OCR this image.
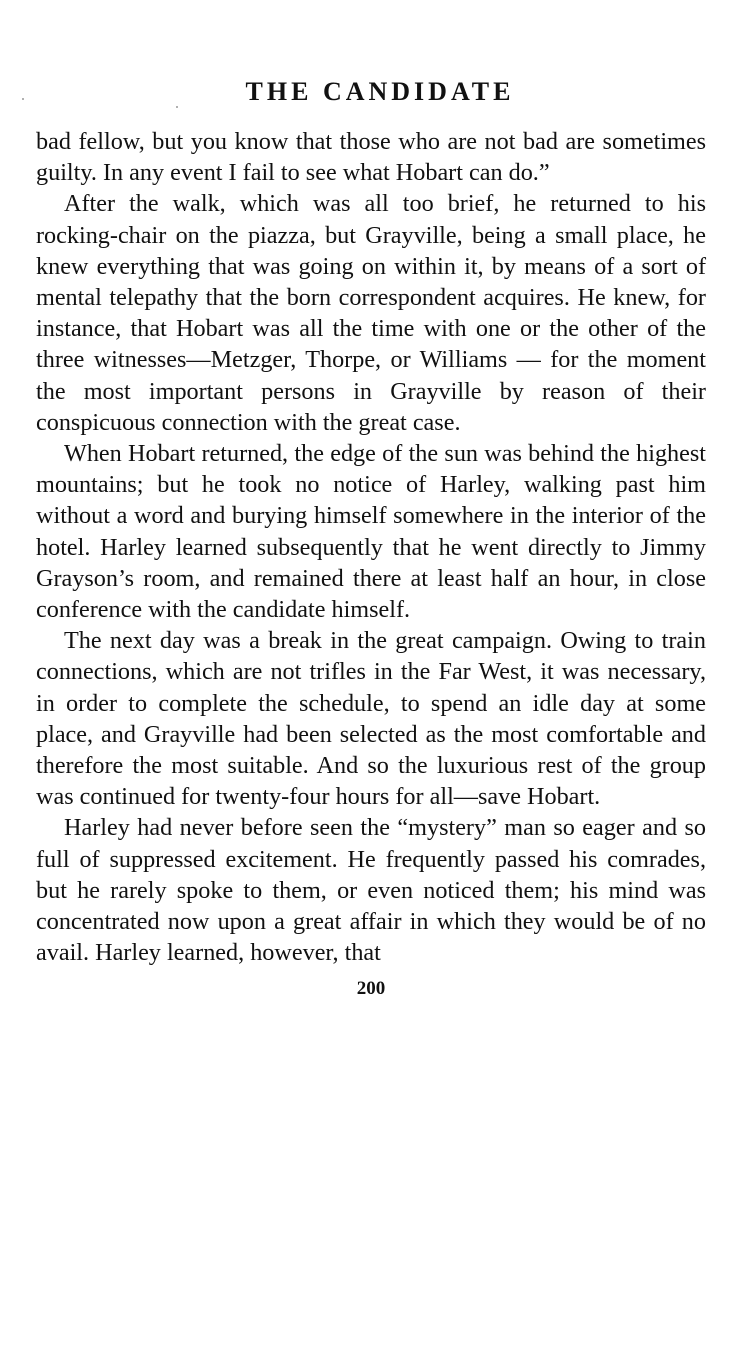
THE CANDIDATE

bad fellow, but you know that those who are not bad are sometimes guilty. In any event I fail to see what Hobart can do.”

After the walk, which was all too brief, he returned to his rocking-chair on the piazza, but Grayville, being a small place, he knew everything that was going on within it, by means of a sort of mental telepathy that the born correspondent acquires. He knew, for instance, that Hobart was all the time with one or the other of the three witnesses—Metzger, Thorpe, or Williams — for the moment the most important persons in Grayville by reason of their conspicuous connection with the great case.

When Hobart returned, the edge of the sun was behind the highest mountains; but he took no notice of Harley, walking past him without a word and burying himself somewhere in the interior of the hotel. Harley learned subsequently that he went directly to Jimmy Grayson’s room, and remained there at least half an hour, in close conference with the candidate himself.

The next day was a break in the great campaign. Owing to train connections, which are not trifles in the Far West, it was necessary, in order to complete the schedule, to spend an idle day at some place, and Grayville had been selected as the most comfortable and therefore the most suitable. And so the luxurious rest of the group was continued for twenty-four hours for all—save Hobart.

Harley had never before seen the “mystery” man so eager and so full of suppressed excitement. He frequently passed his comrades, but he rarely spoke to them, or even noticed them; his mind was concentrated now upon a great affair in which they would be of no avail. Harley learned, however, that

200
